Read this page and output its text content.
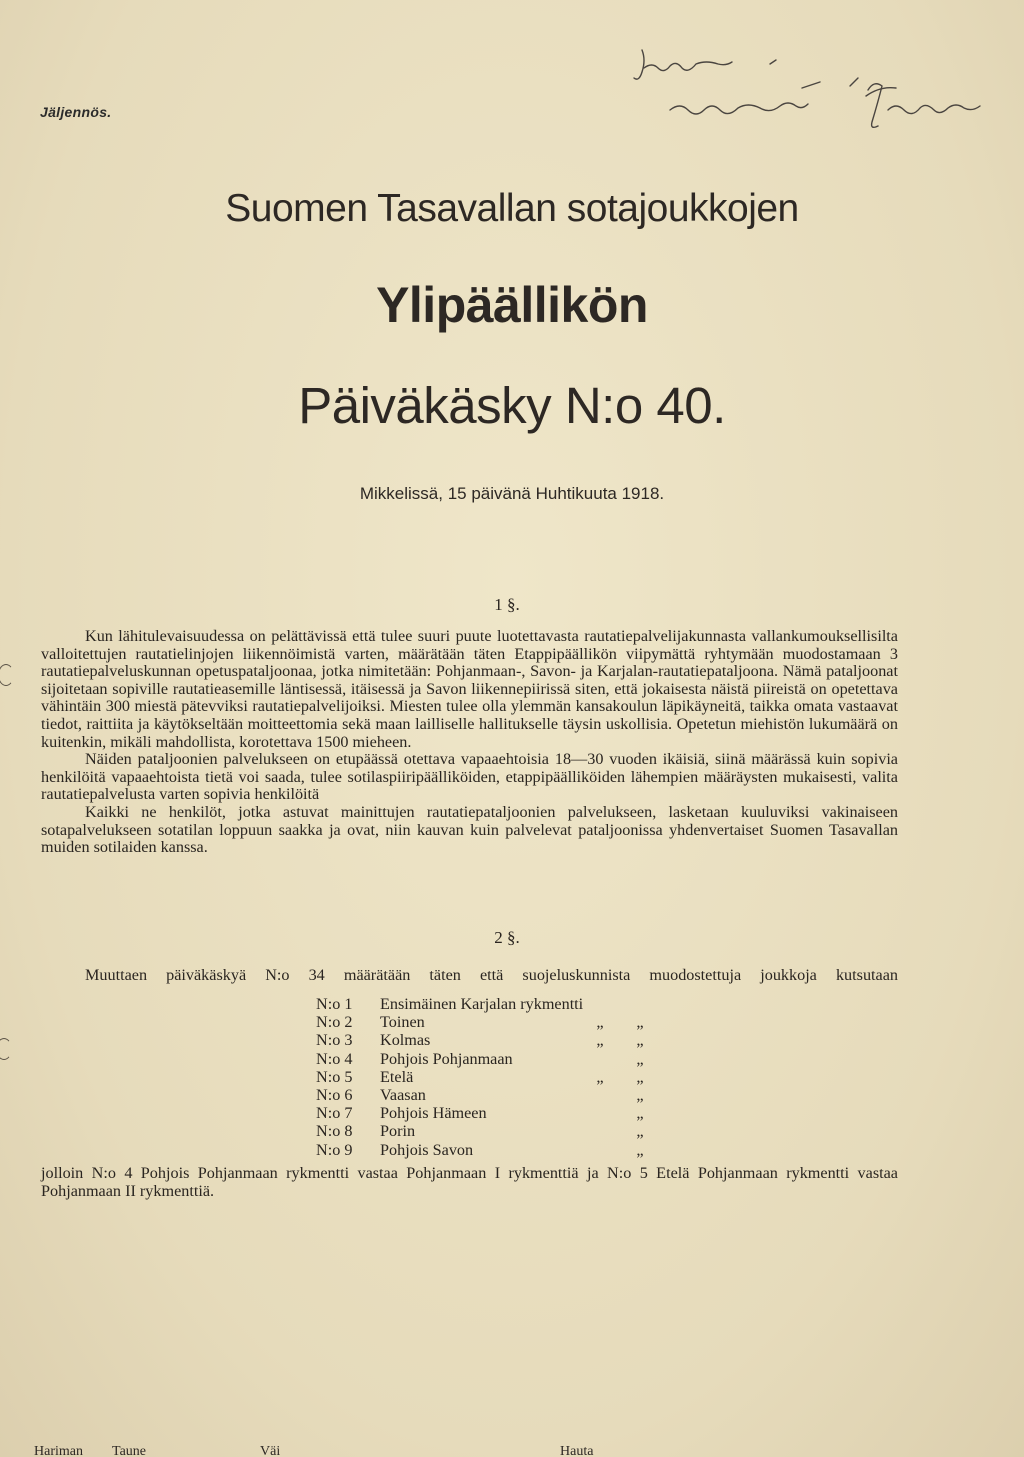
Jäljennös.
Suomen Tasavallan sotajoukkojen
Ylipäällikön
Päiväkäsky N:o 40.
Mikkelissä, 15 päivänä Huhtikuuta 1918.
1 §.

Kun lähitulevaisuudessa on pelättävissä että tulee suuri puute luotettavasta rautatiepalvelijakunnasta vallankumouksellisilta valloitettujen rautatielinjojen liikennöimistä varten, määrätään täten Etappipäällikön viipymättä ryhtymään muodostamaan 3 rautatiepalveluskunnan opetuspataljoonaa, jotka nimitetään: Pohjanmaan-, Savon- ja Karjalan-rautatiepataljoona. Nämä pataljoonat sijoitetaan sopiville rautatieasemille läntisessä, itäisessä ja Savon liikennepiirissä siten, että jokaisesta näistä piireistä on opetettava vähintäin 300 miestä pätevviksi rautatiepalvelijoiksi. Miesten tulee olla ylemmän kansakoulun läpikäyneitä, taikka omata vastaavat tiedot, raittiita ja käytökseltään moitteettomia sekä maan lailliselle hallitukselle täysin uskollisia. Opetetun miehistön lukumäärä on kuitenkin, mikäli mahdollista, korotettava 1500 mieheen.

Näiden pataljoonien palvelukseen on etupäässä otettava vapaaehtoisia 18—30 vuoden ikäisiä, siinä määrässä kuin sopivia henkilöitä vapaaehtoista tietä voi saada, tulee sotilaspiiripäälliköiden, etappipäälliköiden lähempien määräysten mukaisesti, valita rautatiepalvelusta varten sopivia henkilöitä

Kaikki ne henkilöt, jotka astuvat mainittujen rautatiepataljoonien palvelukseen, lasketaan kuuluviksi vakinaiseen sotapalvelukseen sotatilan loppuun saakka ja ovat, niin kauvan kuin palvelevat pataljoonissa yhdenvertaiset Suomen Tasavallan muiden sotilaiden kanssa.

2 §.
Muuttaen päiväkäskyä N:o 34 määrätään täten että suojeluskunnista muodostettuja joukkoja kutsutaan
N:o 1	Ensimäinen Karjalan rykmentti
N:o 2	Toinen	„	„
N:o 3	Kolmas	„	„
N:o 4	Pohjois Pohjanmaan	„
N:o 5	Etelä	„	„
N:o 6	Vaasan	„
N:o 7	Pohjois Hämeen	„
N:o 8	Porin	„
N:o 9	Pohjois Savon	„
jolloin N:o 4 Pohjois Pohjanmaan rykmentti vastaa Pohjanmaan I rykmenttiä ja N:o 5 Etelä Pohjanmaan rykmentti vastaa Pohjanmaan II rykmenttiä.
Hariman Taune	Väi	Hauta
